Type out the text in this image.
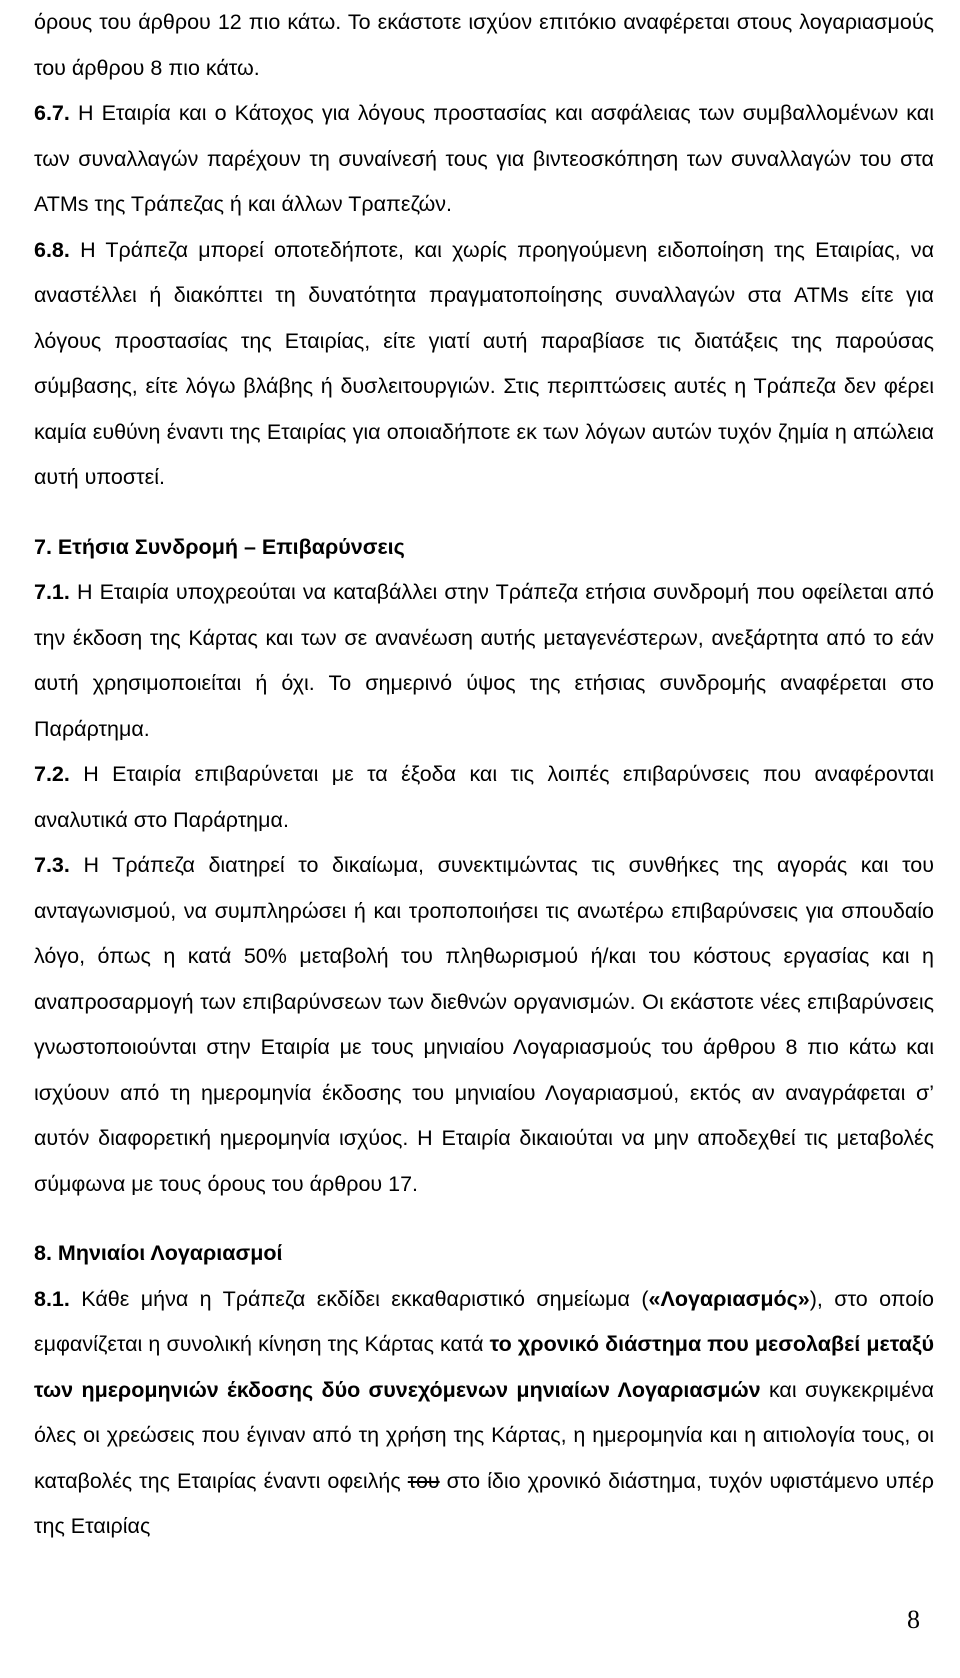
όρους του άρθρου 12 πιο κάτω. Το εκάστοτε ισχύον επιτόκιο αναφέρεται στους λογαριασμούς του άρθρου 8 πιο κάτω.

6.7. Η Εταιρία και ο Κάτοχος για λόγους προστασίας και ασφάλειας των συμβαλλομένων και των συναλλαγών παρέχουν τη συναίνεσή τους για βιντεοσκόπηση των συναλλαγών του στα ATMs της Τράπεζας ή και άλλων Τραπεζών.

6.8. Η Τράπεζα μπορεί οποτεδήποτε, και χωρίς προηγούμενη ειδοποίηση της Εταιρίας, να αναστέλλει ή διακόπτει τη δυνατότητα πραγματοποίησης συναλλαγών στα ATMs είτε για λόγους προστασίας της Εταιρίας, είτε γιατί αυτή παραβίασε τις διατάξεις της παρούσας σύμβασης, είτε λόγω βλάβης ή δυσλειτουργιών. Στις περιπτώσεις αυτές η Τράπεζα δεν φέρει καμία ευθύνη έναντι της Εταιρίας για οποιαδήποτε εκ των λόγων αυτών τυχόν ζημία η απώλεια αυτή υποστεί.

7. Ετήσια Συνδρομή – Επιβαρύνσεις

7.1. Η Εταιρία υποχρεούται να καταβάλλει στην Τράπεζα ετήσια συνδρομή που οφείλεται από την έκδοση της Κάρτας και των σε ανανέωση αυτής μεταγενέστερων, ανεξάρτητα από το εάν αυτή χρησιμοποιείται ή όχι. Το σημερινό ύψος της ετήσιας συνδρομής αναφέρεται στο Παράρτημα.

7.2. Η Εταιρία επιβαρύνεται με τα έξοδα και τις λοιπές επιβαρύνσεις που αναφέρονται αναλυτικά στο Παράρτημα.

7.3. Η Τράπεζα διατηρεί το δικαίωμα, συνεκτιμώντας τις συνθήκες της αγοράς και του ανταγωνισμού, να συμπληρώσει ή και τροποποιήσει τις ανωτέρω επιβαρύνσεις για σπουδαίο λόγο, όπως η κατά 50% μεταβολή του πληθωρισμού ή/και του κόστους εργασίας και η αναπροσαρμογή των επιβαρύνσεων των διεθνών οργανισμών. Οι εκάστοτε νέες επιβαρύνσεις γνωστοποιούνται στην Εταιρία με τους μηνιαίου Λογαριασμούς του άρθρου 8 πιο κάτω και ισχύουν από τη ημερομηνία έκδοσης του μηνιαίου Λογαριασμού, εκτός αν αναγράφεται σ’ αυτόν διαφορετική ημερομηνία ισχύος. Η Εταιρία δικαιούται να μην αποδεχθεί τις μεταβολές σύμφωνα με τους όρους του άρθρου 17.

8. Μηνιαίοι Λογαριασμοί

8.1. Κάθε μήνα η Τράπεζα εκδίδει εκκαθαριστικό σημείωμα («Λογαριασμός»), στο οποίο εμφανίζεται η συνολική κίνηση της Κάρτας κατά το χρονικό διάστημα που μεσολαβεί μεταξύ των ημερομηνιών έκδοσης δύο συνεχόμενων μηνιαίων Λογαριασμών και συγκεκριμένα όλες οι χρεώσεις που έγιναν από τη χρήση της Κάρτας, η ημερομηνία και η αιτιολογία τους, οι καταβολές της Εταιρίας έναντι οφειλής του στο ίδιο χρονικό διάστημα, τυχόν υφιστάμενο υπέρ της Εταιρίας

8
